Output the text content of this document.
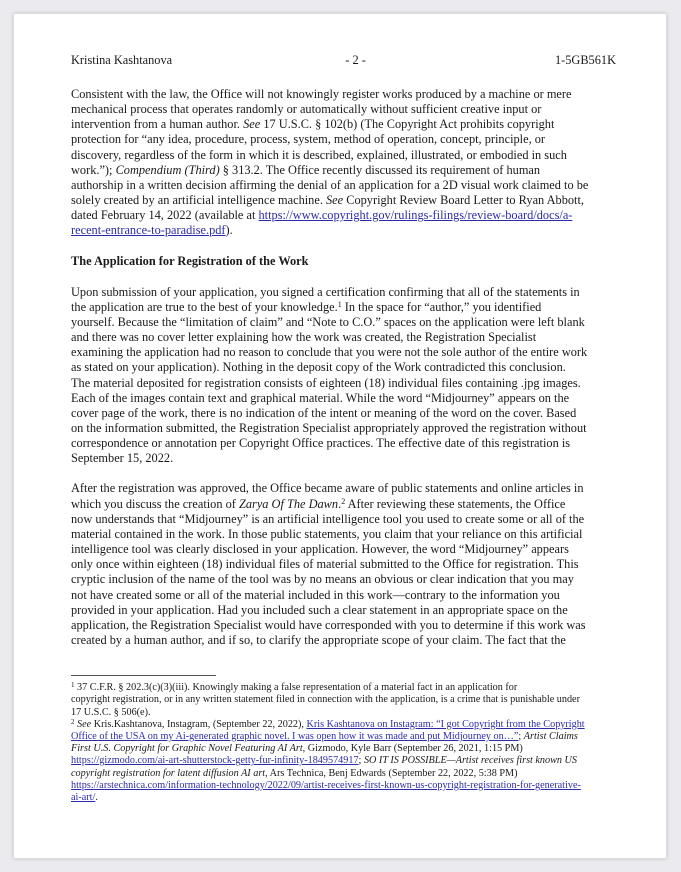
Kristina Kashtanova	- 2 -	1-5GB561K

Consistent with the law, the Office will not knowingly register works produced by a machine or mere
mechanical process that operates randomly or automatically without sufficient creative input or
intervention from a human author. See 17 U.S.C. § 102(b) (The Copyright Act prohibits copyright
protection for “any idea, procedure, process, system, method of operation, concept, principle, or
discovery, regardless of the form in which it is described, explained, illustrated, or embodied in such
work.”); Compendium (Third) § 313.2. The Office recently discussed its requirement of human
authorship in a written decision affirming the denial of an application for a 2D visual work claimed to be
solely created by an artificial intelligence machine. See Copyright Review Board Letter to Ryan Abbott,
dated February 14, 2022 (available at https://www.copyright.gov/rulings-filings/review-board/docs/a-
recent-entrance-to-paradise.pdf).

The Application for Registration of the Work

Upon submission of your application, you signed a certification confirming that all of the statements in
the application are true to the best of your knowledge.$^1$ In the space for “author,” you identified
yourself. Because the “limitation of claim” and “Note to C.O.” spaces on the application were left blank
and there was no cover letter explaining how the work was created, the Registration Specialist
examining the application had no reason to conclude that you were not the sole author of the entire work
as stated on your application). Nothing in the deposit copy of the Work contradicted this conclusion.
The material deposited for registration consists of eighteen (18) individual files containing .jpg images.
Each of the images contain text and graphical material. While the word “Midjourney” appears on the
cover page of the work, there is no indication of the intent or meaning of the word on the cover. Based
on the information submitted, the Registration Specialist appropriately approved the registration without
correspondence or annotation per Copyright Office practices. The effective date of this registration is
September 15, 2022.

After the registration was approved, the Office became aware of public statements and online articles in
which you discuss the creation of Zarya Of The Dawn.$^2$ After reviewing these statements, the Office
now understands that “Midjourney” is an artificial intelligence tool you used to create some or all of the
material contained in the work. In those public statements, you claim that your reliance on this artificial
intelligence tool was clearly disclosed in your application. However, the word “Midjourney” appears
only once within eighteen (18) individual files of material submitted to the Office for registration. This
cryptic inclusion of the name of the tool was by no means an obvious or clear indication that you may
not have created some or all of the material included in this work—contrary to the information you
provided in your application. Had you included such a clear statement in an appropriate space on the
application, the Registration Specialist would have corresponded with you to determine if this work was
created by a human author, and if so, to clarify the appropriate scope of your claim. The fact that the

$^1$ 37 C.F.R. § 202.3(c)(3)(iii). Knowingly making a false representation of a material fact in an application for
copyright registration, or in any written statement filed in connection with the application, is a crime that is punishable under
17 U.S.C. § 506(e).
$^2$ See Kris.Kashtanova, Instagram, (September 22, 2022), Kris Kashtanova on Instagram: “I got Copyright from the Copyright
Office of the USA on my Ai-generated graphic novel. I was open how it was made and put Midjourney on…”; Artist Claims
First U.S. Copyright for Graphic Novel Featuring AI Art, Gizmodo, Kyle Barr (September 26, 2021, 1:15 PM)
https://gizmodo.com/ai-art-shutterstock-getty-fur-infinity-1849574917; SO IT IS POSSIBLE—Artist receives first known US
copyright registration for latent diffusion AI art, Ars Technica, Benj Edwards (September 22, 2022, 5:38 PM)
https://arstechnica.com/information-technology/2022/09/artist-receives-first-known-us-copyright-registration-for-generative-
ai-art/.
